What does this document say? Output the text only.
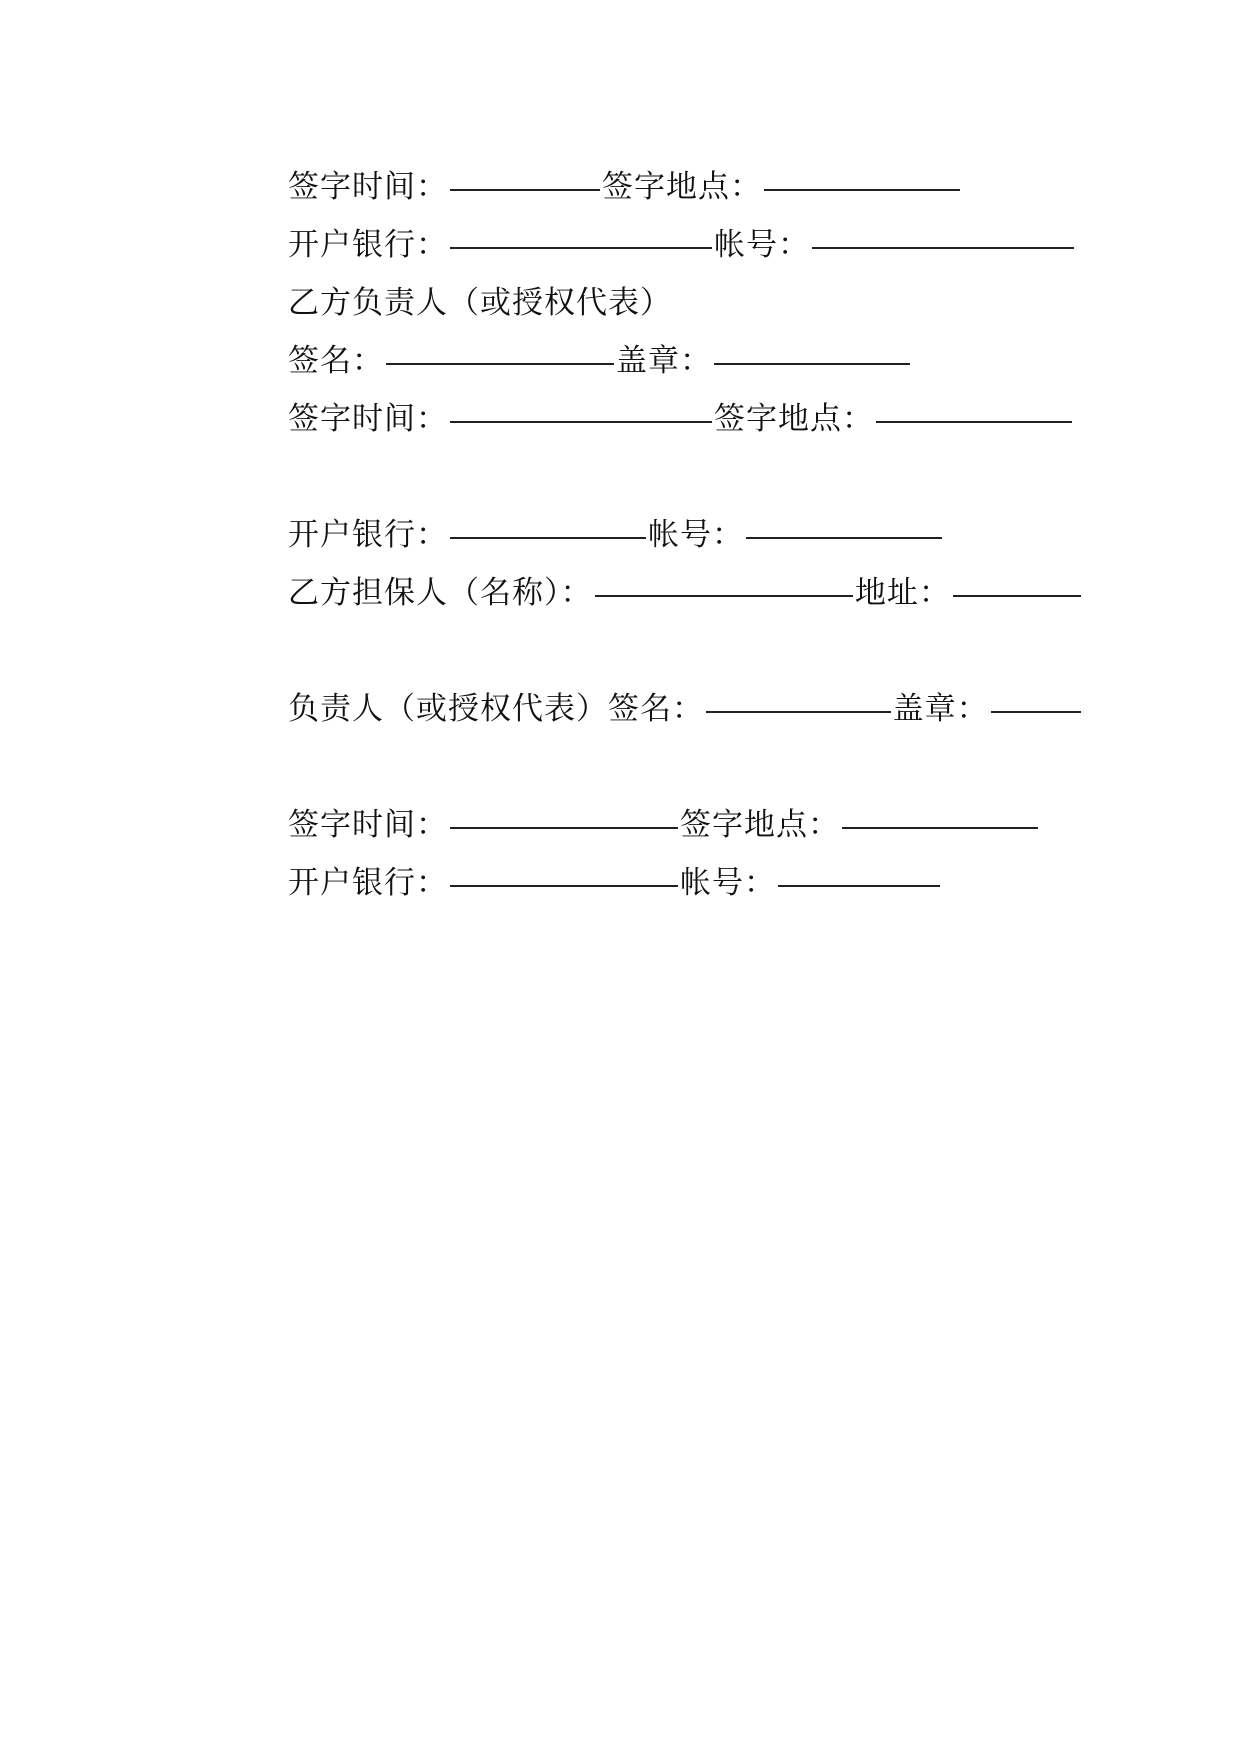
签字时间：	签字地点：
开户银行：	帐号：
乙方负责人（或授权代表）
签名：	盖章：
签字时间：	签字地点：
开户银行：	帐号：
乙方担保人（名称）：	地址：
负责人（或授权代表）签名：	盖章：
签字时间：	签字地点：
开户银行：	帐号：
